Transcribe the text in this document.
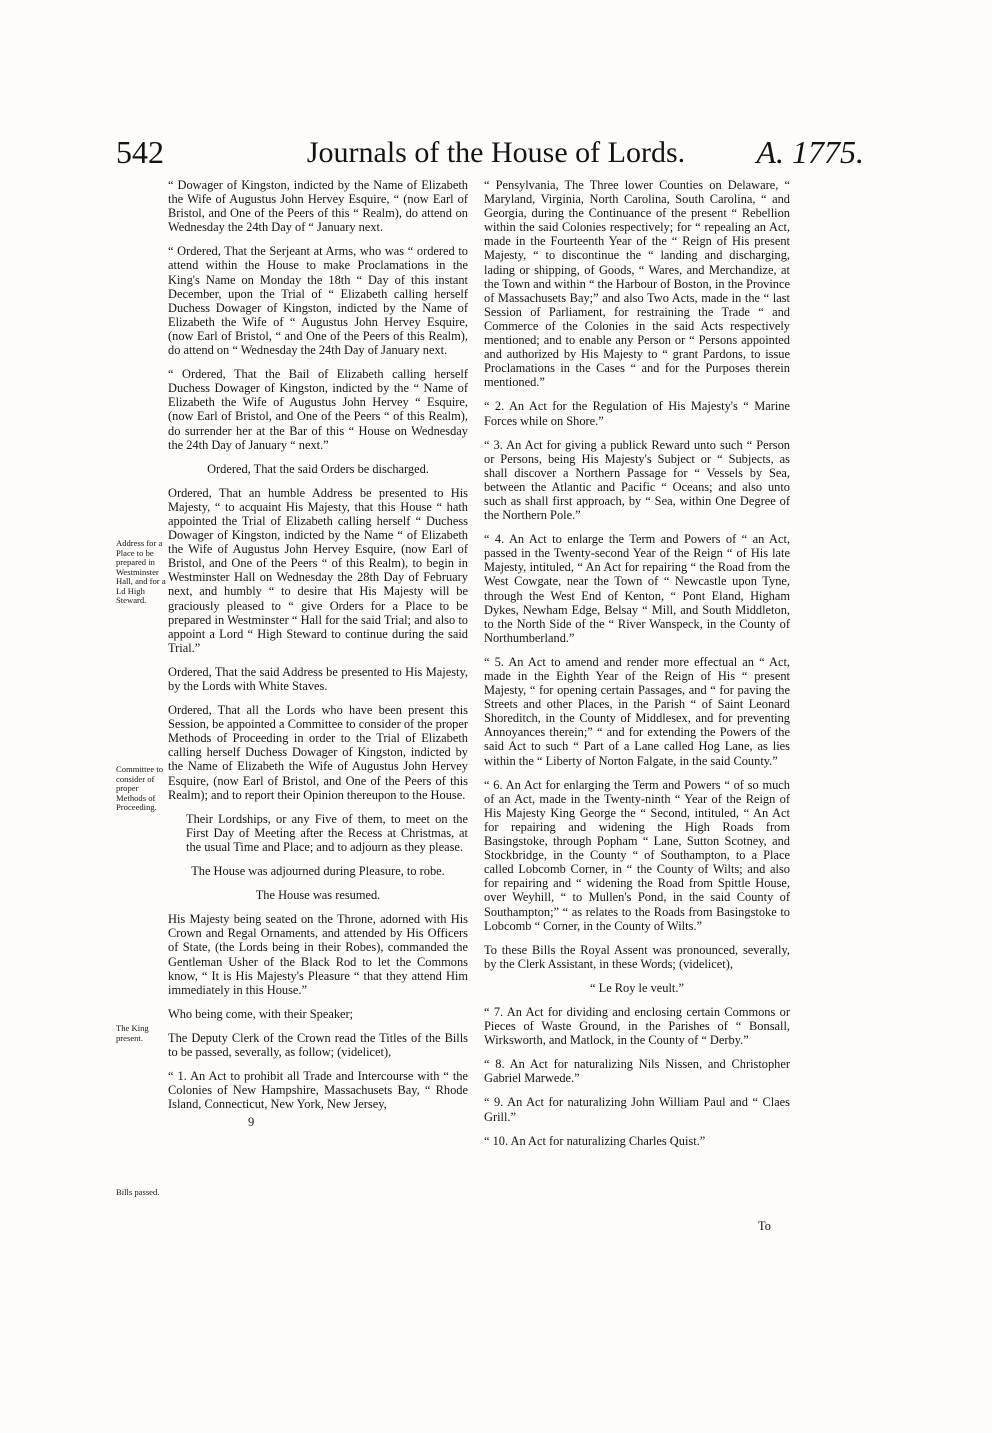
542	Journals of the House of Lords.	A. 1775.

“ Dowager of Kingston, indicted by the Name of Elizabeth the Wife of Augustus John Hervey Esquire, “ (now Earl of Bristol, and One of the Peers of this “ Realm), do attend on Wednesday the 24th Day of “ January next.

“ Ordered, That the Serjeant at Arms, who was “ ordered to attend within the House to make Proclamations in the King's Name on Monday the 18th “ Day of this instant December, upon the Trial of “ Elizabeth calling herself Duchess Dowager of Kingston, indicted by the Name of Elizabeth the Wife of “ Augustus John Hervey Esquire, (now Earl of Bristol, “ and One of the Peers of this Realm), do attend on “ Wednesday the 24th Day of January next.

“ Ordered, That the Bail of Elizabeth calling herself Duchess Dowager of Kingston, indicted by the “ Name of Elizabeth the Wife of Augustus John Hervey “ Esquire, (now Earl of Bristol, and One of the Peers “ of this Realm), do surrender her at the Bar of this “ House on Wednesday the 24th Day of January “ next.”

Ordered, That the said Orders be discharged.

Ordered, That an humble Address be presented to His Majesty, “ to acquaint His Majesty, that this House “ hath appointed the Trial of Elizabeth calling herself “ Duchess Dowager of Kingston, indicted by the Name “ of Elizabeth the Wife of Augustus John Hervey Esquire, (now Earl of Bristol, and One of the Peers “ of this Realm), to begin in Westminster Hall on Wednesday the 28th Day of February next, and humbly “ to desire that His Majesty will be graciously pleased to “ give Orders for a Place to be prepared in Westminster “ Hall for the said Trial; and also to appoint a Lord “ High Steward to continue during the said Trial.”

Ordered, That the said Address be presented to His Majesty, by the Lords with White Staves.

Ordered, That all the Lords who have been present this Session, be appointed a Committee to consider of the proper Methods of Proceeding in order to the Trial of Elizabeth calling herself Duchess Dowager of Kingston, indicted by the Name of Elizabeth the Wife of Augustus John Hervey Esquire, (now Earl of Bristol, and One of the Peers of this Realm); and to report their Opinion thereupon to the House.

Their Lordships, or any Five of them, to meet on the First Day of Meeting after the Recess at Christmas, at the usual Time and Place; and to adjourn as they please.

The House was adjourned during Pleasure, to robe.

The House was resumed.

His Majesty being seated on the Throne, adorned with His Crown and Regal Ornaments, and attended by His Officers of State, (the Lords being in their Robes), commanded the Gentleman Usher of the Black Rod to let the Commons know, “ It is His Majesty's Pleasure “ that they attend Him immediately in this House.”

Who being come, with their Speaker;

The Deputy Clerk of the Crown read the Titles of the Bills to be passed, severally, as follow; (videlicet),

“ 1. An Act to prohibit all Trade and Intercourse with “ the Colonies of New Hampshire, Massachusets Bay, “ Rhode Island, Connecticut, New York, New Jersey,

9

“ Pensylvania, The Three lower Counties on Delaware, “ Maryland, Virginia, North Carolina, South Carolina, “ and Georgia, during the Continuance of the present “ Rebellion within the said Colonies respectively; for “ repealing an Act, made in the Fourteenth Year of the “ Reign of His present Majesty, “ to discontinue the “ landing and discharging, lading or shipping, of Goods, “ Wares, and Merchandize, at the Town and within “ the Harbour of Boston, in the Province of Massachusets Bay;” and also Two Acts, made in the “ last Session of Parliament, for restraining the Trade “ and Commerce of the Colonies in the said Acts respectively mentioned; and to enable any Person or “ Persons appointed and authorized by His Majesty to “ grant Pardons, to issue Proclamations in the Cases “ and for the Purposes therein mentioned.”

“ 2. An Act for the Regulation of His Majesty's “ Marine Forces while on Shore.”

“ 3. An Act for giving a publick Reward unto such “ Person or Persons, being His Majesty's Subject or “ Subjects, as shall discover a Northern Passage for “ Vessels by Sea, between the Atlantic and Pacific “ Oceans; and also unto such as shall first approach, by “ Sea, within One Degree of the Northern Pole.”

“ 4. An Act to enlarge the Term and Powers of “ an Act, passed in the Twenty-second Year of the Reign “ of His late Majesty, intituled, “ An Act for repairing “ the Road from the West Cowgate, near the Town of “ Newcastle upon Tyne, through the West End of Kenton, “ Pont Eland, Higham Dykes, Newham Edge, Belsay “ Mill, and South Middleton, to the North Side of the “ River Wanspeck, in the County of Northumberland.”

“ 5. An Act to amend and render more effectual an “ Act, made in the Eighth Year of the Reign of His “ present Majesty, “ for opening certain Passages, and “ for paving the Streets and other Places, in the Parish “ of Saint Leonard Shoreditch, in the County of Middlesex, and for preventing Annoyances therein;” “ and for extending the Powers of the said Act to such “ Part of a Lane called Hog Lane, as lies within the “ Liberty of Norton Falgate, in the said County.”

“ 6. An Act for enlarging the Term and Powers “ of so much of an Act, made in the Twenty-ninth “ Year of the Reign of His Majesty King George the “ Second, intituled, “ An Act for repairing and widening the High Roads from Basingstoke, through Popham “ Lane, Sutton Scotney, and Stockbridge, in the County “ of Southampton, to a Place called Lobcomb Corner, in “ the County of Wilts; and also for repairing and “ widening the Road from Spittle House, over Weyhill, “ to Mullen's Pond, in the said County of Southampton;” “ as relates to the Roads from Basingstoke to Lobcomb “ Corner, in the County of Wilts.”

To these Bills the Royal Assent was pronounced, severally, by the Clerk Assistant, in these Words; (videlicet),

“ Le Roy le veult.”

“ 7. An Act for dividing and enclosing certain Commons or Pieces of Waste Ground, in the Parishes of “ Bonsall, Wirksworth, and Matlock, in the County of “ Derby.”

“ 8. An Act for naturalizing Nils Nissen, and Christopher Gabriel Marwede.”

“ 9. An Act for naturalizing John William Paul and “ Claes Grill.”

“ 10. An Act for naturalizing Charles Quist.”

To
Address for a Place to be prepared in Westminster Hall, and for a Ld High Steward.
Committee to consider of proper Methods of Proceeding.
The King present.
Bills passed.
